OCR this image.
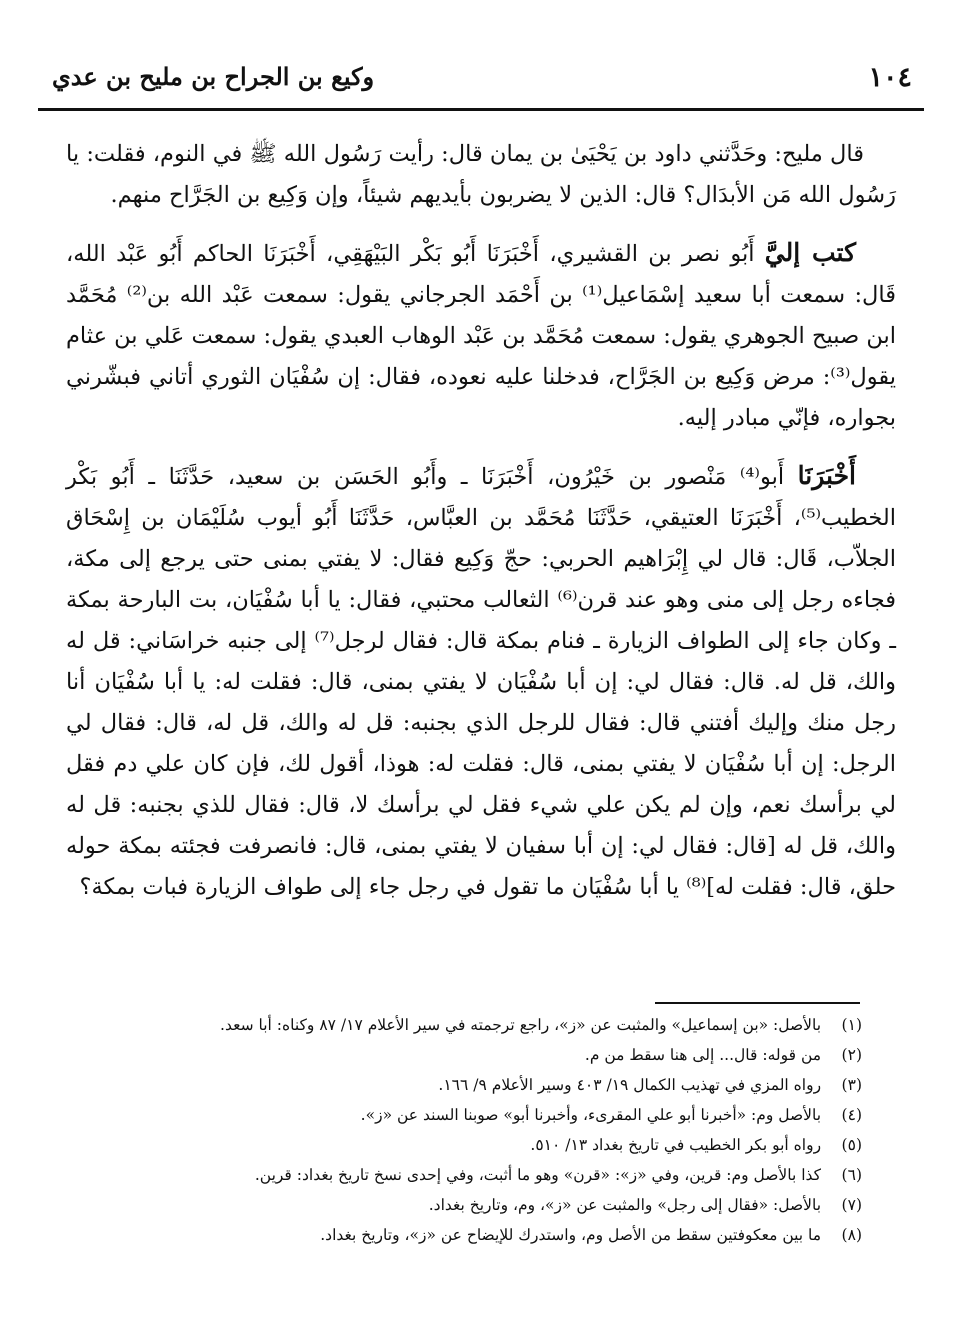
وكيع بن الجراح بن مليح بن عدي	١٠٤

قال مليح: وحَدَّثني داود بن يَحْيَىٰ بن يمان قال: رأيت رَسُول الله ﷺ في النوم، فقلت: يا رَسُول الله مَن الأبدَال؟ قال: الذين لا يضربون بأيديهم شيئاً، وإن وَكِيع بن الجَرَّاح منهم.

كتب إليَّ أَبُو نصر بن القشيري، أَخْبَرَنَا أَبُو بَكْر البَيْهَقِي، أَخْبَرَنَا الحاكم أَبُو عَبْد الله، قَال: سمعت أبا سعيد إسْمَاعيل⁽¹⁾ بن أَحْمَد الجرجاني يقول: سمعت عَبْد الله بن⁽²⁾ مُحَمَّد ابن صبيح الجوهري يقول: سمعت مُحَمَّد بن عَبْد الوهاب العبدي يقول: سمعت عَلي بن عثام يقول⁽³⁾: مرض وَكِيع بن الجَرَّاح، فدخلنا عليه نعوده، فقال: إن سُفْيَان الثوري أتاني فبشّرني بجواره، فإنّي مبادر إليه.

أَخْبَرَنَا أَبو⁽⁴⁾ مَنْصور بن خَيْرُون، أَخْبَرَنَا ـ وأَبُو الحَسَن بن سعيد، حَدَّثَنَا ـ أَبُو بَكْر الخطيب⁽⁵⁾، أَخْبَرَنَا العتيقي، حَدَّثَنَا مُحَمَّد بن العبَّاس، حَدَّثَنَا أَبُو أيوب سُلَيْمَان بن إِسْحَاق الجلاّب، قَال: قال لي إِبْرَاهيم الحربي: حجّ وَكِيع فقال: لا يفتي بمنى حتى يرجع إلى مكة، فجاءه رجل إلى منى وهو عند قرن⁽⁶⁾ الثعالب محتبي، فقال: يا أبا سُفْيَان، بت البارحة بمكة ـ وكان جاء إلى الطواف الزيارة ـ فنام بمكة قال: فقال لرجل⁽⁷⁾ إلى جنبه خراسَاني: قل له والك، قل له. قال: فقال لي: إن أبا سُفْيَان لا يفتي بمنى، قال: فقلت له: يا أبا سُفْيَان أنا رجل منك وإليك أفتني قال: فقال للرجل الذي بجنبه: قل له والك، قل له، قال: فقال لي الرجل: إن أبا سُفْيَان لا يفتي بمنى، قال: فقلت له: هوذا، أقول لك، فإن كان علي دم فقل لي برأسك نعم، وإن لم يكن علي شيء فقل لي برأسك لا، قال: فقال للذي بجنبه: قل له والك، قل له [قال: فقال لي: إن أبا سفيان لا يفتي بمنى، قال: فانصرفت فجئته بمكة حوله حلق، قال: فقلت له]⁽⁸⁾ يا أبا سُفْيَان ما تقول في رجل جاء إلى طواف الزيارة فبات بمكة؟

(١) بالأصل: «بن إسماعيل» والمثبت عن «ز»، راجع ترجمته في سير الأعلام ١٧/ ٨٧ وكناه: أبا سعد.
(٢) من قوله: قال... إلى هنا سقط من م.
(٣) رواه المزي في تهذيب الكمال ١٩/ ٤٠٣ وسير الأعلام ٩/ ١٦٦.
(٤) بالأصل وم: «أخبرنا أبو علي المقرىء، وأخبرنا أبو» صوبنا السند عن «ز».
(٥) رواه أبو بكر الخطيب في تاريخ بغداد ١٣/ ٥١٠.
(٦) كذا بالأصل وم: قرين، وفي «ز»: «قرن» وهو ما أثبت، وفي إحدى نسخ تاريخ بغداد: قرين.
(٧) بالأصل: «فقال إلى رجل» والمثبت عن «ز»، وم، وتاريخ بغداد.
(٨) ما بين معكوفتين سقط من الأصل وم، واستدرك للإيضاح عن «ز»، وتاريخ بغداد.
